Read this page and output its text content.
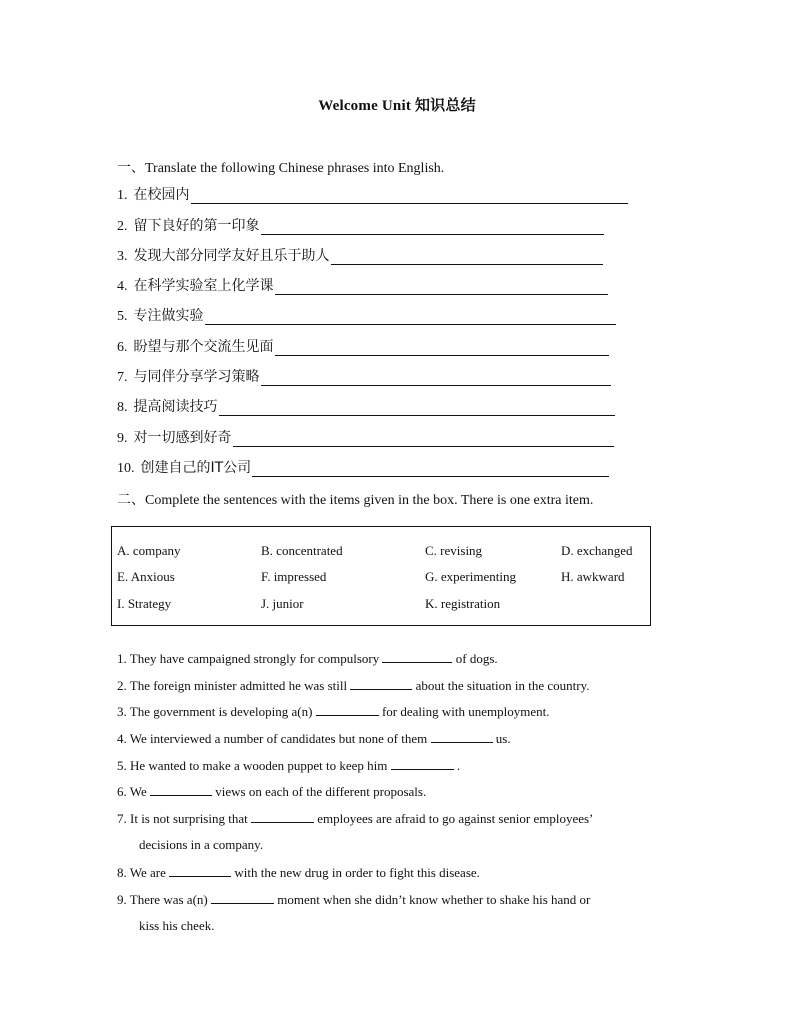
Welcome Unit 知识总结
一、Translate the following Chinese phrases into English.
1. 在校园内
2. 留下良好的第一印象
3. 发现大部分同学友好且乐于助人
4. 在科学实验室上化学课
5. 专注做实验
6. 盼望与那个交流生见面
7. 与同伴分享学习策略
8. 提高阅读技巧
9. 对一切感到好奇
10. 创建自己的IT公司
二、Complete the sentences with the items given in the box. There is one extra item.
A. company	B. concentrated	C. revising	D. exchanged
E. Anxious	F. impressed	G. experimenting	H. awkward
I. Strategy	J. junior	K. registration
1. They have campaigned strongly for compulsory	of dogs.
2. The foreign minister admitted he was still	about the situation in the country.
3. The government is developing a(n)	for dealing with unemployment.
4. We interviewed a number of candidates but none of them	us.
5. He wanted to make a wooden puppet to keep him	.
6. We	views on each of the different proposals.
7. It is not surprising that	employees are afraid to go against senior employees’
decisions in a company.
8. We are	with the new drug in order to fight this disease.
9. There was a(n)	moment when she didn’t know whether to shake his hand or
kiss his cheek.
